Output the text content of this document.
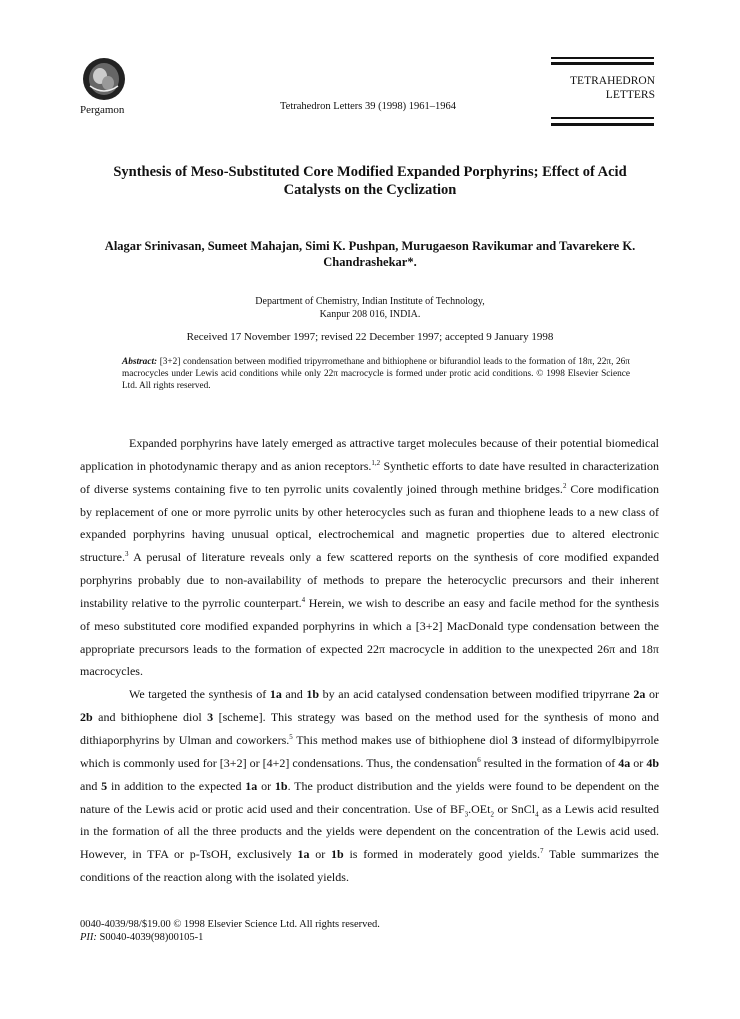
Pergamon	Tetrahedron Letters 39 (1998) 1961–1964
TETRAHEDRON
LETTERS
Synthesis of Meso-Substituted Core Modified Expanded Porphyrins; Effect of Acid
Catalysts on the Cyclization
Alagar Srinivasan, Sumeet Mahajan, Simi K. Pushpan, Murugaeson Ravikumar and Tavarekere K.
Chandrashekar*.
Department of Chemistry, Indian Institute of Technology,
Kanpur 208 016, INDIA.
Received 17 November 1997; revised 22 December 1997; accepted 9 January 1998
Abstract: [3+2] condensation between modified tripyrromethane and bithiophene or bifurandiol leads to the formation of 18π, 22π, 26π macrocycles under Lewis acid conditions while only 22π macrocycle is formed under protic acid conditions. © 1998 Elsevier Science Ltd. All rights reserved.

Expanded porphyrins have lately emerged as attractive target molecules because of their potential biomedical application in photodynamic therapy and as anion receptors.$^{1,2}$ Synthetic efforts to date have resulted in characterization of diverse systems containing five to ten pyrrolic units covalently joined through methine bridges.$^2$ Core modification by replacement of one or more pyrrolic units by other heterocycles such as furan and thiophene leads to a new class of expanded porphyrins having unusual optical, electrochemical and magnetic properties due to altered electronic structure.$^3$ A perusal of literature reveals only a few scattered reports on the synthesis of core modified expanded porphyrins probably due to non-availability of methods to prepare the heterocyclic precursors and their inherent instability relative to the pyrrolic counterpart.$^4$ Herein, we wish to describe an easy and facile method for the synthesis of meso substituted core modified expanded porphyrins in which a [3+2] MacDonald type condensation between the appropriate precursors leads to the formation of expected 22π macrocycle in addition to the unexpected 26π and 18π macrocycles.

We targeted the synthesis of 1a and 1b by an acid catalysed condensation between modified tripyrrane 2a or 2b and bithiophene diol 3 [scheme]. This strategy was based on the method used for the synthesis of mono and dithiaporphyrins by Ulman and coworkers.$^5$ This method makes use of bithiophene diol 3 instead of diformylbipyrrole which is commonly used for [3+2] or [4+2] condensations. Thus, the condensation$^6$ resulted in the formation of 4a or 4b and 5 in addition to the expected 1a or 1b. The product distribution and the yields were found to be dependent on the nature of the Lewis acid or protic acid used and their concentration. Use of $BF_3.OEt_2$ or SnCl$_4$ as a Lewis acid resulted in the formation of all the three products and the yields were dependent on the concentration of the Lewis acid used. However, in TFA or p-TsOH, exclusively 1a or 1b is formed in moderately good yields.$^7$ Table summarizes the conditions of the reaction along with the isolated yields.

0040-4039/98/$19.00 © 1998 Elsevier Science Ltd. All rights reserved.
PII: S0040-4039(98)00105-1
